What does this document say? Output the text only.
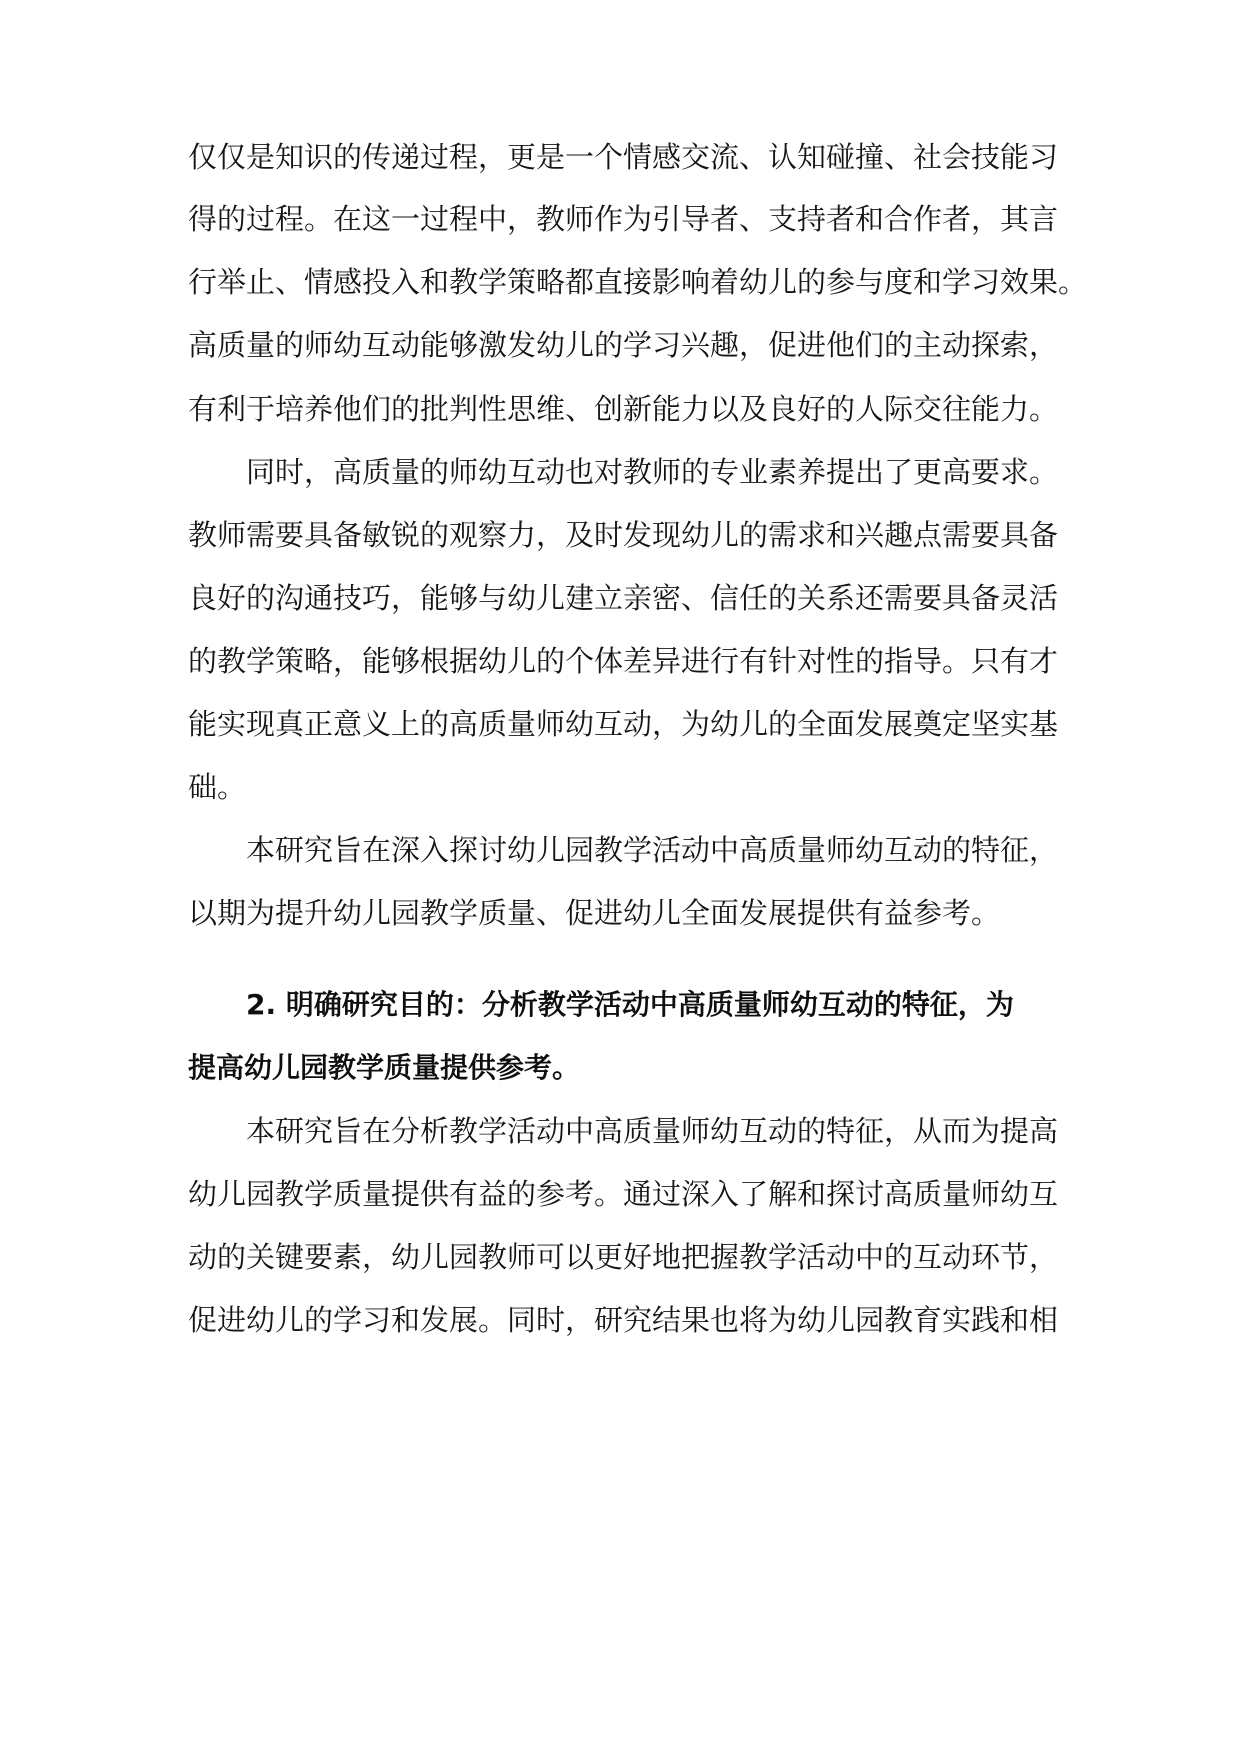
仅仅是知识的传递过程，更是一个情感交流、认知碰撞、社会技能习

得的过程。在这一过程中，教师作为引导者、支持者和合作者，其言

行举止、情感投入和教学策略都直接影响着幼儿的参与度和学习效果。

高质量的师幼互动能够激发幼儿的学习兴趣，促进他们的主动探索，

有利于培养他们的批判性思维、创新能力以及良好的人际交往能力。

同时，高质量的师幼互动也对教师的专业素养提出了更高要求。

教师需要具备敏锐的观察力，及时发现幼儿的需求和兴趣点需要具备

良好的沟通技巧，能够与幼儿建立亲密、信任的关系还需要具备灵活

的教学策略，能够根据幼儿的个体差异进行有针对性的指导。只有才

能实现真正意义上的高质量师幼互动，为幼儿的全面发展奠定坚实基

础。

本研究旨在深入探讨幼儿园教学活动中高质量师幼互动的特征，

以期为提升幼儿园教学质量、促进幼儿全面发展提供有益参考。

2. 明确研究目的：分析教学活动中高质量师幼互动的特征，为

提高幼儿园教学质量提供参考。

本研究旨在分析教学活动中高质量师幼互动的特征，从而为提高

幼儿园教学质量提供有益的参考。通过深入了解和探讨高质量师幼互

动的关键要素，幼儿园教师可以更好地把握教学活动中的互动环节，

促进幼儿的学习和发展。同时，研究结果也将为幼儿园教育实践和相
